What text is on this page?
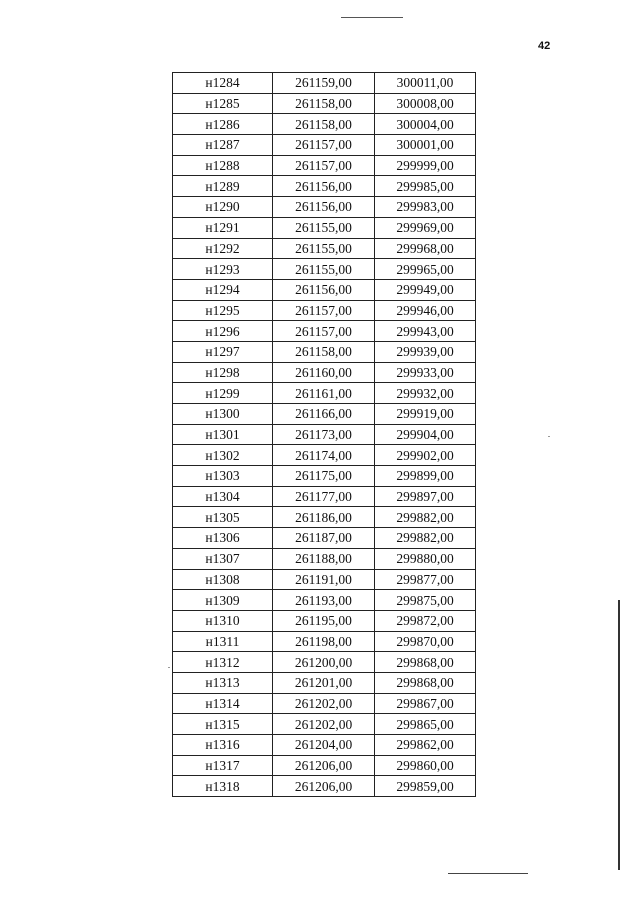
42
н1284	261159,00	300011,00
н1285	261158,00	300008,00
н1286	261158,00	300004,00
н1287	261157,00	300001,00
н1288	261157,00	299999,00
н1289	261156,00	299985,00
н1290	261156,00	299983,00
н1291	261155,00	299969,00
н1292	261155,00	299968,00
н1293	261155,00	299965,00
н1294	261156,00	299949,00
н1295	261157,00	299946,00
н1296	261157,00	299943,00
н1297	261158,00	299939,00
н1298	261160,00	299933,00
н1299	261161,00	299932,00
н1300	261166,00	299919,00
н1301	261173,00	299904,00
н1302	261174,00	299902,00
н1303	261175,00	299899,00
н1304	261177,00	299897,00
н1305	261186,00	299882,00
н1306	261187,00	299882,00
н1307	261188,00	299880,00
н1308	261191,00	299877,00
н1309	261193,00	299875,00
н1310	261195,00	299872,00
н1311	261198,00	299870,00
н1312	261200,00	299868,00
н1313	261201,00	299868,00
н1314	261202,00	299867,00
н1315	261202,00	299865,00
н1316	261204,00	299862,00
н1317	261206,00	299860,00
н1318	261206,00	299859,00
